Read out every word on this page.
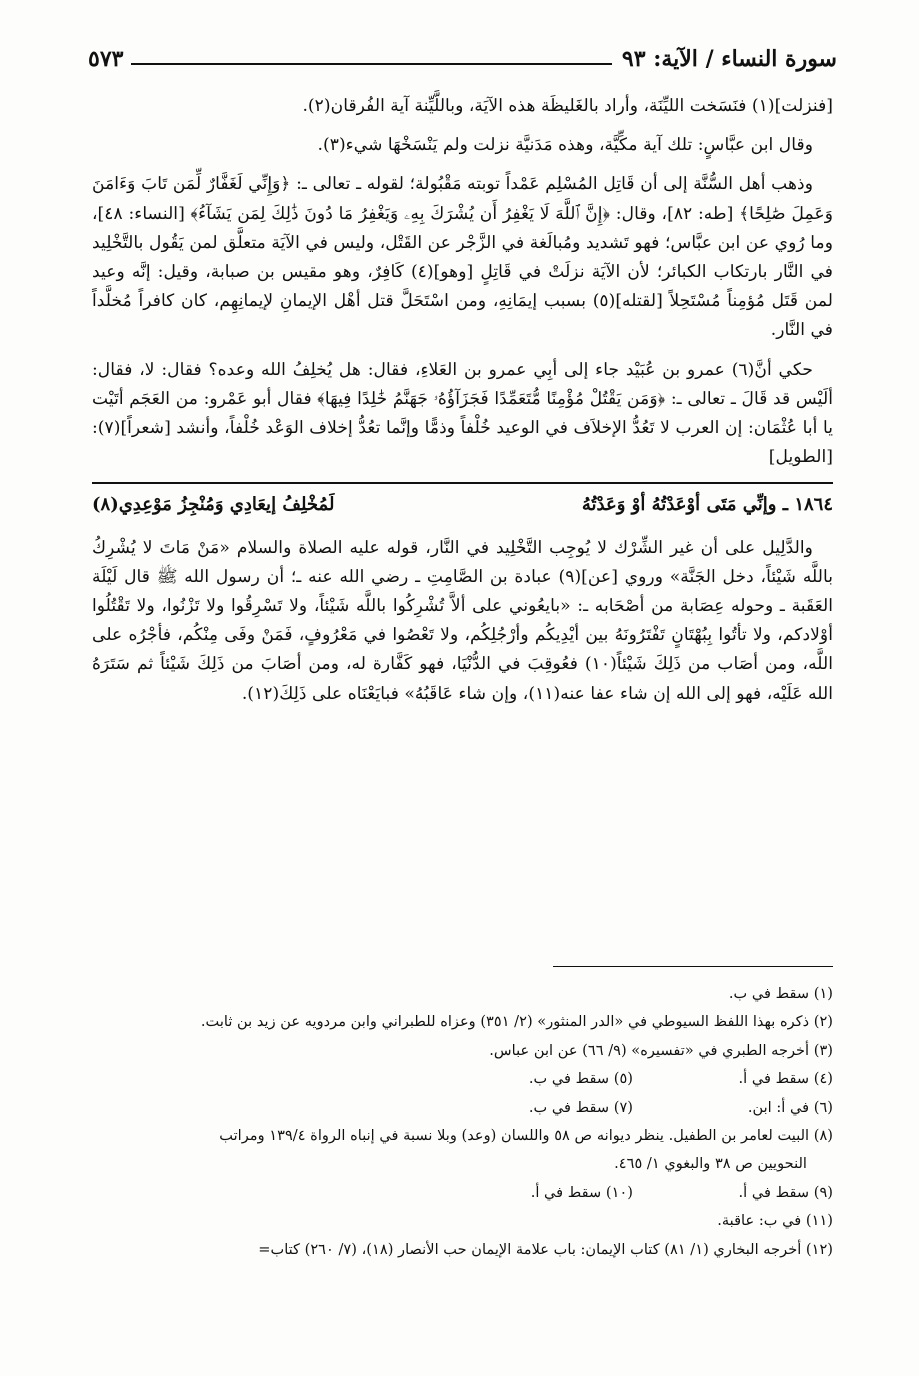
سورة النساء / الآية: ٩٣
٥٧٣

[فنزلت](١) فنَسَخت الليِّنَة، وأراد بالغَليظَة هذه الآيَة، وباللَّيِّنة آية الفُرقان(٢).

وقال ابن عبَّاسٍ: تلك آية مكِّيَّة، وهذه مَدَنيَّة نزلت ولم يَنْسَخْهَا شيء(٣).

وذهب أهل السُّنَّة إلى أن قَاتِل المُسْلِم عَمْداً توبته مَقْبُولة؛ لقوله ـ تعالى ـ: ﴿وَإِنِّي لَغَفَّارٌ لِّمَن تَابَ وَءَامَنَ وَعَمِلَ صَٰلِحًا﴾ [طه: ٨٢]، وقال: ﴿إِنَّ ٱللَّهَ لَا يَغْفِرُ أَن يُشْرَكَ بِهِۦ وَيَغْفِرُ مَا دُونَ ذَٰلِكَ لِمَن يَشَآءُ﴾ [النساء: ٤٨]، وما رُوي عن ابن عبَّاس؛ فهو تَشديد ومُبالَغة في الزَّجْر عن القَتْل، وليس في الآيَة متعلَّق لمن يَقُول بالتَّخْلِيد في النَّار بارتكاب الكبائر؛ لأن الآيَة نزلَتْ في قَاتِلٍ [وهو](٤) كَافِرٌ، وهو مقيس بن صبابة، وقيل: إنَّه وعيد لمن قَتَل مُؤمِناً مُسْتَحِلاً [لقتله](٥) بسبب إيمَانِهِ، ومن اسْتَحَلَّ قتل أهْل الإيمانِ لإيمانِهِم، كان كافراً مُخلَّداً في النَّار.

حكي أنَّ(٦) عمرو بن عُبَيْد جاء إلى أبِي عمرو بن العَلاءِ، فقال: هل يُخلِفُ الله وعده؟ فقال: لا، فقال: ألَيْس قد قَالَ ـ تعالى ـ: ﴿وَمَن يَقْتُلْ مُؤْمِنًا مُّتَعَمِّدًا فَجَزَآؤُهُۥ جَهَنَّمُ خَٰلِدًا فِيهَا﴾ فقال أبو عَمْرو: من العَجَم أتَيْت يا أبا عُثْمَان: إن العرب لا تَعُدُّ الإخلاَف في الوعيد خُلْفاً وذمًّا وإنَّما تعُدُّ إخلاف الوَعْد خُلْفاً، وأنشد [شعراً](٧): [الطويل]

١٨٦٤ ـ وإنِّي مَتَى أوْعَدْتُهُ أوْ وَعَدْتُهُ
لَمُخْلِفُ إيعَادِي وَمُنْجِزُ مَوْعِدِي(٨)

والدَّلِيل على أن غير الشِّرْك لا يُوجِب التَّخْلِيد في النَّار، قوله عليه الصلاة والسلام «مَنْ مَاتَ لا يُشْرِكُ باللَّه شَيْئاً، دخل الجَنَّة» وروي [عن](٩) عبادة بن الصَّامِتِ ـ رضي الله عنه ـ؛ أن رسول الله ﷺ قال لَيْلَة العَقَبة ـ وحوله عِصَابة من أصْحَابه ـ: «بايعُوني على ألاَّ تُشْرِكُوا باللَّه شَيْئاً، ولا تَسْرِقُوا ولا تَزْنُوا، ولا تَقْتُلُوا أوْلادكم، ولا تأتُوا بِبُهْتَانٍ تَفْتَرُونَهُ بين أيْدِيكُم وأرْجُلِكُم، ولا تَعْصُوا في مَعْرُوفٍ، فَمَنْ وفَى مِنْكُم، فأجْرُه على اللَّه، ومن أصَاب من ذَلِكَ شَيْئاً(١٠) فعُوقِبَ في الدُّنْيَا، فهو كَفَّارة له، ومن أصَابَ من ذَلِكَ شَيْئاً ثم سَتَرَهُ الله عَلَيْه، فهو إلى الله إن شاء عفا عنه(١١)، وإن شاء عَاقَبُهُ» فبايَعْنَاه على ذَلِكَ(١٢).

(١) سقط في ب.
(٢) ذكره بهذا اللفظ السيوطي في «الدر المنثور» (٢/ ٣٥١) وعزاه للطبراني وابن مردويه عن زيد بن ثابت.
(٣) أخرجه الطبري في «تفسيره» (٩/ ٦٦) عن ابن عباس.
(٤) سقط في أ.
(٥) سقط في ب.
(٦) في أ: ابن.
(٧) سقط في ب.
(٨) البيت لعامر بن الطفيل. ينظر ديوانه ص ٥٨ واللسان (وعد) وبلا نسبة في إنباه الرواة ١٣٩/٤ ومراتب
النحويين ص ٣٨ والبغوي ١/ ٤٦٥.
(٩) سقط في أ.
(١٠) سقط في أ.
(١١) في ب: عاقبة.
(١٢) أخرجه البخاري (١/ ٨١) كتاب الإيمان: باب علامة الإيمان حب الأنصار (١٨)، (٧/ ٢٦٠) كتاب=
